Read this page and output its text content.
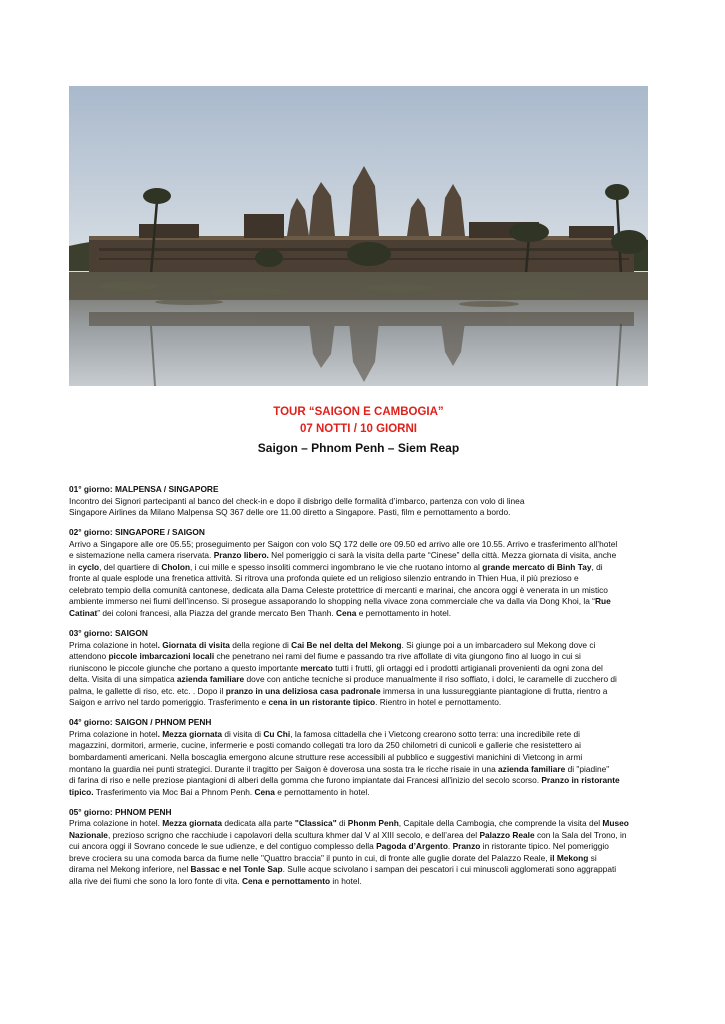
TOUR “SAIGON E CAMBOGIA”
07 NOTTI / 10 GIORNI
Saigon – Phnom Penh – Siem Reap
01° giorno: MALPENSA / SINGAPORE

Incontro dei Signori partecipanti al banco del check-in e dopo il disbrigo delle formalità d’imbarco, partenza con volo di linea

Singapore Airlines da Milano Malpensa SQ 367 delle ore 11.00 diretto a Singapore. Pasti, film e pernottamento a bordo.

02° giorno: SINGAPORE / SAIGON

Arrivo a Singapore alle ore 05.55; proseguimento per Saigon con volo SQ 172 delle ore 09.50 ed arrivo alle ore 10.55. Arrivo e trasferimento all’hotel

e sistemazione nella camera riservata. Pranzo libero. Nel pomeriggio ci sarà la visita della parte “Cinese” della città. Mezza giornata di visita, anche

in cyclo, del quartiere di Cholon, i cui mille e spesso insoliti commerci ingombrano le vie che ruotano intorno al grande mercato di Binh Tay, di

fronte al quale esplode una frenetica attività. Si ritrova una profonda quiete ed un religioso silenzio entrando in Thien Hua, il più prezioso e

celebrato tempio della comunità cantonese, dedicata alla Dama Celeste protettrice di mercanti e marinai, che ancora oggi è venerata in un mistico

ambiente immerso nei fiumi dell’incenso. Si prosegue assaporando lo shopping nella vivace zona commerciale che va dalla via Dong Khoi, la “Rue

Catinat” dei coloni francesi, alla Piazza del grande mercato Ben Thanh. Cena e pernottamento in hotel.

03° giorno: SAIGON

Prima colazione in hotel. Giornata di visita della regione di Cai Be nel delta del Mekong. Si giunge poi a un imbarcadero sul Mekong dove ci

attendono piccole imbarcazioni locali che penetrano nei rami del fiume e passando tra rive affollate di vita giungono fino al luogo in cui si

riuniscono le piccole giunche che portano a questo importante mercato tutti i frutti, gli ortaggi ed i prodotti artigianali provenienti da ogni zona del

delta. Visita di una simpatica azienda familiare dove con antiche tecniche si produce manualmente il riso soffiato, i dolci, le caramelle di zucchero di

palma, le gallette di riso, etc. etc. . Dopo il pranzo in una deliziosa casa padronale immersa in una lussureggiante piantagione di frutta, rientro a

Saigon e arrivo nel tardo pomeriggio. Trasferimento e cena in un ristorante tipico. Rientro in hotel e pernottamento.

04° giorno: SAIGON / PHNOM PENH

Prima colazione in hotel. Mezza giornata di visita di Cu Chi, la famosa cittadella che i Vietcong crearono sotto terra: una incredibile rete di

magazzini, dormitori, armerie, cucine, infermerie e posti comando collegati tra loro da 250 chilometri di cunicoli e gallerie che resistettero ai

bombardamenti americani. Nella boscaglia emergono alcune strutture rese accessibili al pubblico e suggestivi manichini di Vietcong in armi

montano la guardia nei punti strategici. Durante il tragitto per Saigon è doverosa una sosta tra le ricche risaie in una azienda familiare di "piadine"

di farina di riso e nelle preziose piantagioni di alberi della gomma che furono impiantate dai Francesi all'inizio del secolo scorso. Pranzo in ristorante

tipico. Trasferimento via Moc Bai a Phnom Penh. Cena e pernottamento in hotel.

05° giorno: PHNOM PENH

Prima colazione in hotel. Mezza giornata dedicata alla parte "Classica" di Phonm Penh, Capitale della Cambogia, che comprende la visita del Museo

Nazionale, prezioso scrigno che racchiude i capolavori della scultura khmer dal V al XIII secolo, e dell’area del Palazzo Reale con la Sala del Trono, in

cui ancora oggi il Sovrano concede le sue udienze, e del contiguo complesso della Pagoda d’Argento. Pranzo in ristorante tipico. Nel pomeriggio

breve crociera su una comoda barca da fiume nelle "Quattro braccia" il punto in cui, di fronte alle guglie dorate del Palazzo Reale, il Mekong si

dirama nel Mekong inferiore, nel Bassac e nel Tonle Sap. Sulle acque scivolano i sampan dei pescatori i cui minuscoli agglomerati sono aggrappati

alla rive dei fiumi che sono la loro fonte di vita. Cena e pernottamento in hotel.
